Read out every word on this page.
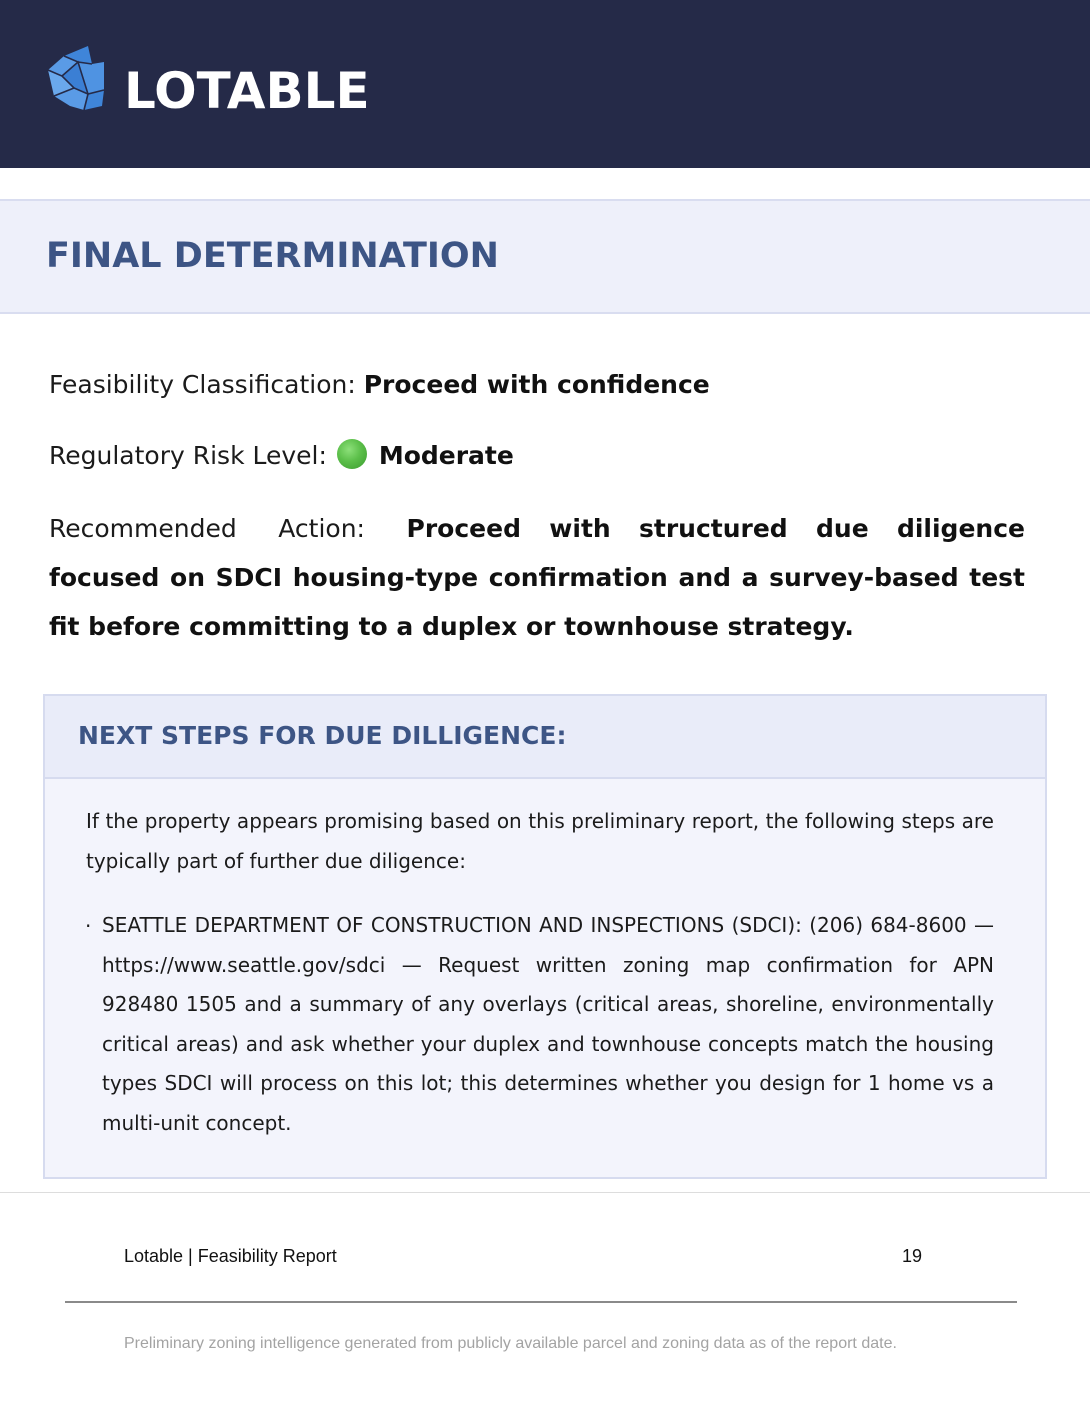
LOTABLE
FINAL DETERMINATION
Feasibility Classification: Proceed with confidence
Regulatory Risk Level:  Moderate
Recommended Action: Proceed with structured due diligence focused on SDCI housing-type confirmation and a survey-based test fit before committing to a duplex or townhouse strategy.
NEXT STEPS FOR DUE DILLIGENCE:
If the property appears promising based on this preliminary report, the following steps are typically part of further due diligence:
· SEATTLE DEPARTMENT OF CONSTRUCTION AND INSPECTIONS (SDCI): (206) 684-8600 — https://www.seattle.gov/sdci — Request written zoning map confirmation for APN 928480 1505 and a summary of any overlays (critical areas, shoreline, environmentally critical areas) and ask whether your duplex and townhouse concepts match the housing types SDCI will process on this lot; this determines whether you design for 1 home vs a multi-unit concept.
Lotable | Feasibility Report	19
Preliminary zoning intelligence generated from publicly available parcel and zoning data as of the report date.
